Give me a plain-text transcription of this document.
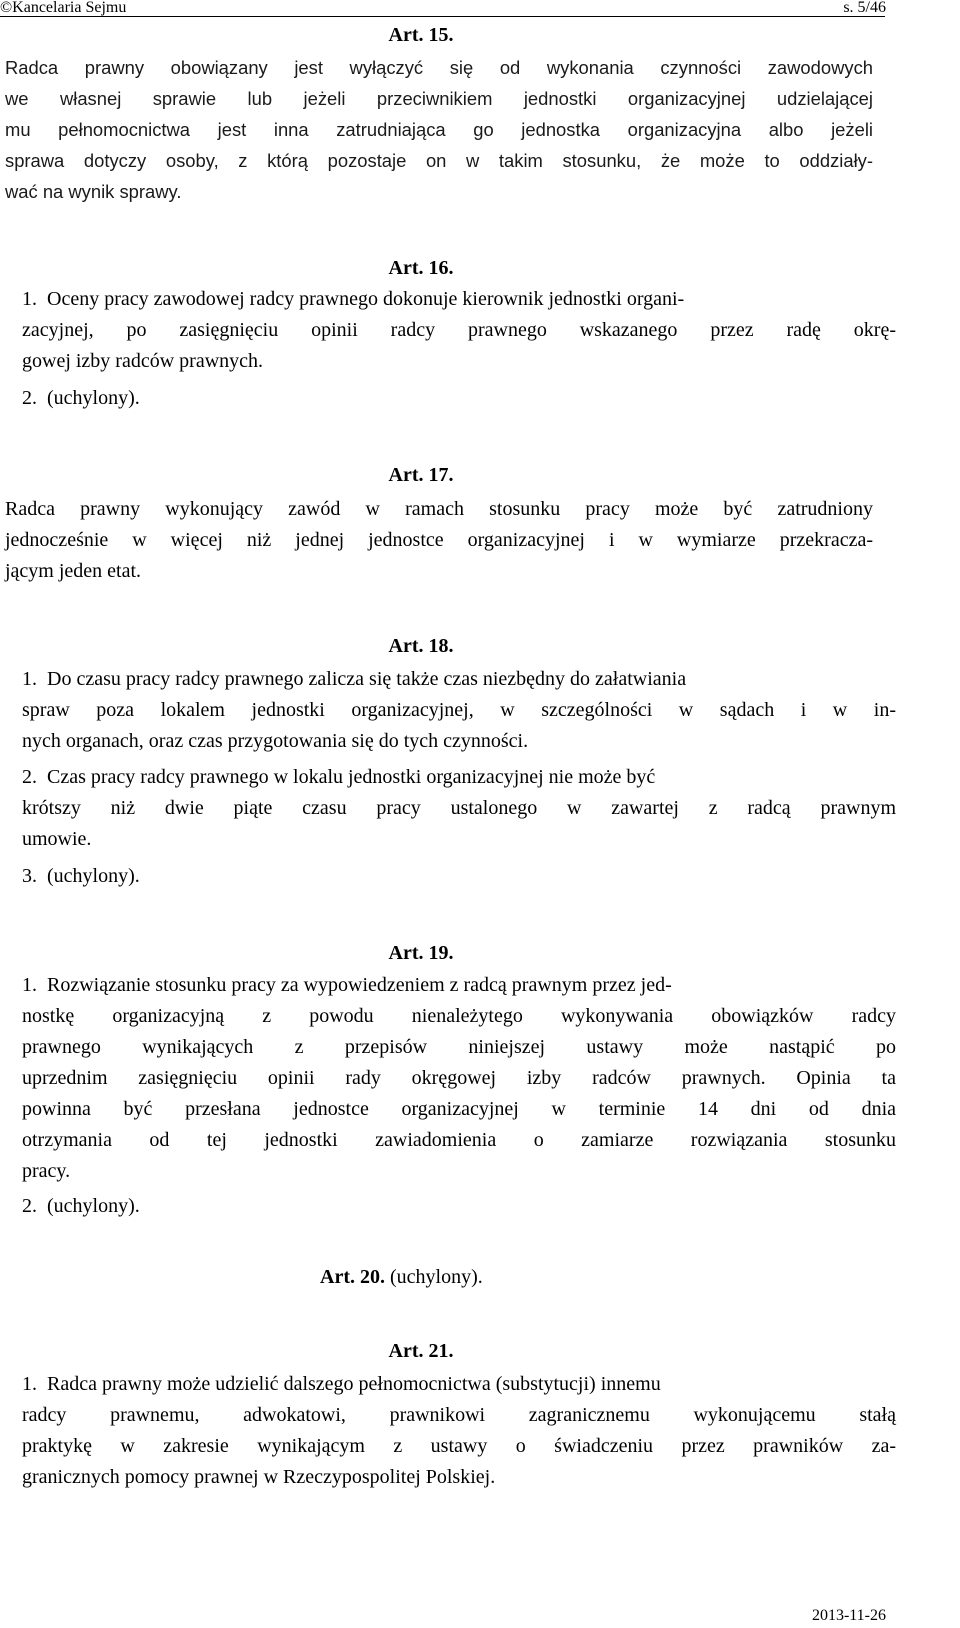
©Kancelaria Sejmu	s. 5/46
Art. 15.
Radca prawny obowiązany jest wyłączyć się od wykonania czynności zawodowych
we własnej sprawie lub jeżeli przeciwnikiem jednostki organizacyjnej udzielającej
mu pełnomocnictwa jest inna zatrudniająca go jednostka organizacyjna albo jeżeli
sprawa dotyczy osoby, z którą pozostaje on w takim stosunku, że może to oddziały-
wać na wynik sprawy.
Art. 16.
1. Oceny pracy zawodowej radcy prawnego dokonuje kierownik jednostki organi-
zacyjnej, po zasięgnięciu opinii radcy prawnego wskazanego przez radę okrę-
gowej izby radców prawnych.
2. (uchylony).
Art. 17.
Radca prawny wykonujący zawód w ramach stosunku pracy może być zatrudniony
jednocześnie w więcej niż jednej jednostce organizacyjnej i w wymiarze przekracza-
jącym jeden etat.
Art. 18.
1. Do czasu pracy radcy prawnego zalicza się także czas niezbędny do załatwiania
spraw poza lokalem jednostki organizacyjnej, w szczególności w sądach i w in-
nych organach, oraz czas przygotowania się do tych czynności.
2. Czas pracy radcy prawnego w lokalu jednostki organizacyjnej nie może być
krótszy niż dwie piąte czasu pracy ustalonego w zawartej z radcą prawnym
umowie.
3. (uchylony).
Art. 19.
1. Rozwiązanie stosunku pracy za wypowiedzeniem z radcą prawnym przez jed-
nostkę organizacyjną z powodu nienależytego wykonywania obowiązków radcy
prawnego wynikających z przepisów niniejszej ustawy może nastąpić po
uprzednim zasięgnięciu opinii rady okręgowej izby radców prawnych. Opinia ta
powinna być przesłana jednostce organizacyjnej w terminie 14 dni od dnia
otrzymania od tej jednostki zawiadomienia o zamiarze rozwiązania stosunku
pracy.
2. (uchylony).
Art. 20. (uchylony).
Art. 21.
1. Radca prawny może udzielić dalszego pełnomocnictwa (substytucji) innemu
radcy prawnemu, adwokatowi, prawnikowi zagranicznemu wykonującemu stałą
praktykę w zakresie wynikającym z ustawy o świadczeniu przez prawników za-
granicznych pomocy prawnej w Rzeczypospolitej Polskiej.
2013-11-26
